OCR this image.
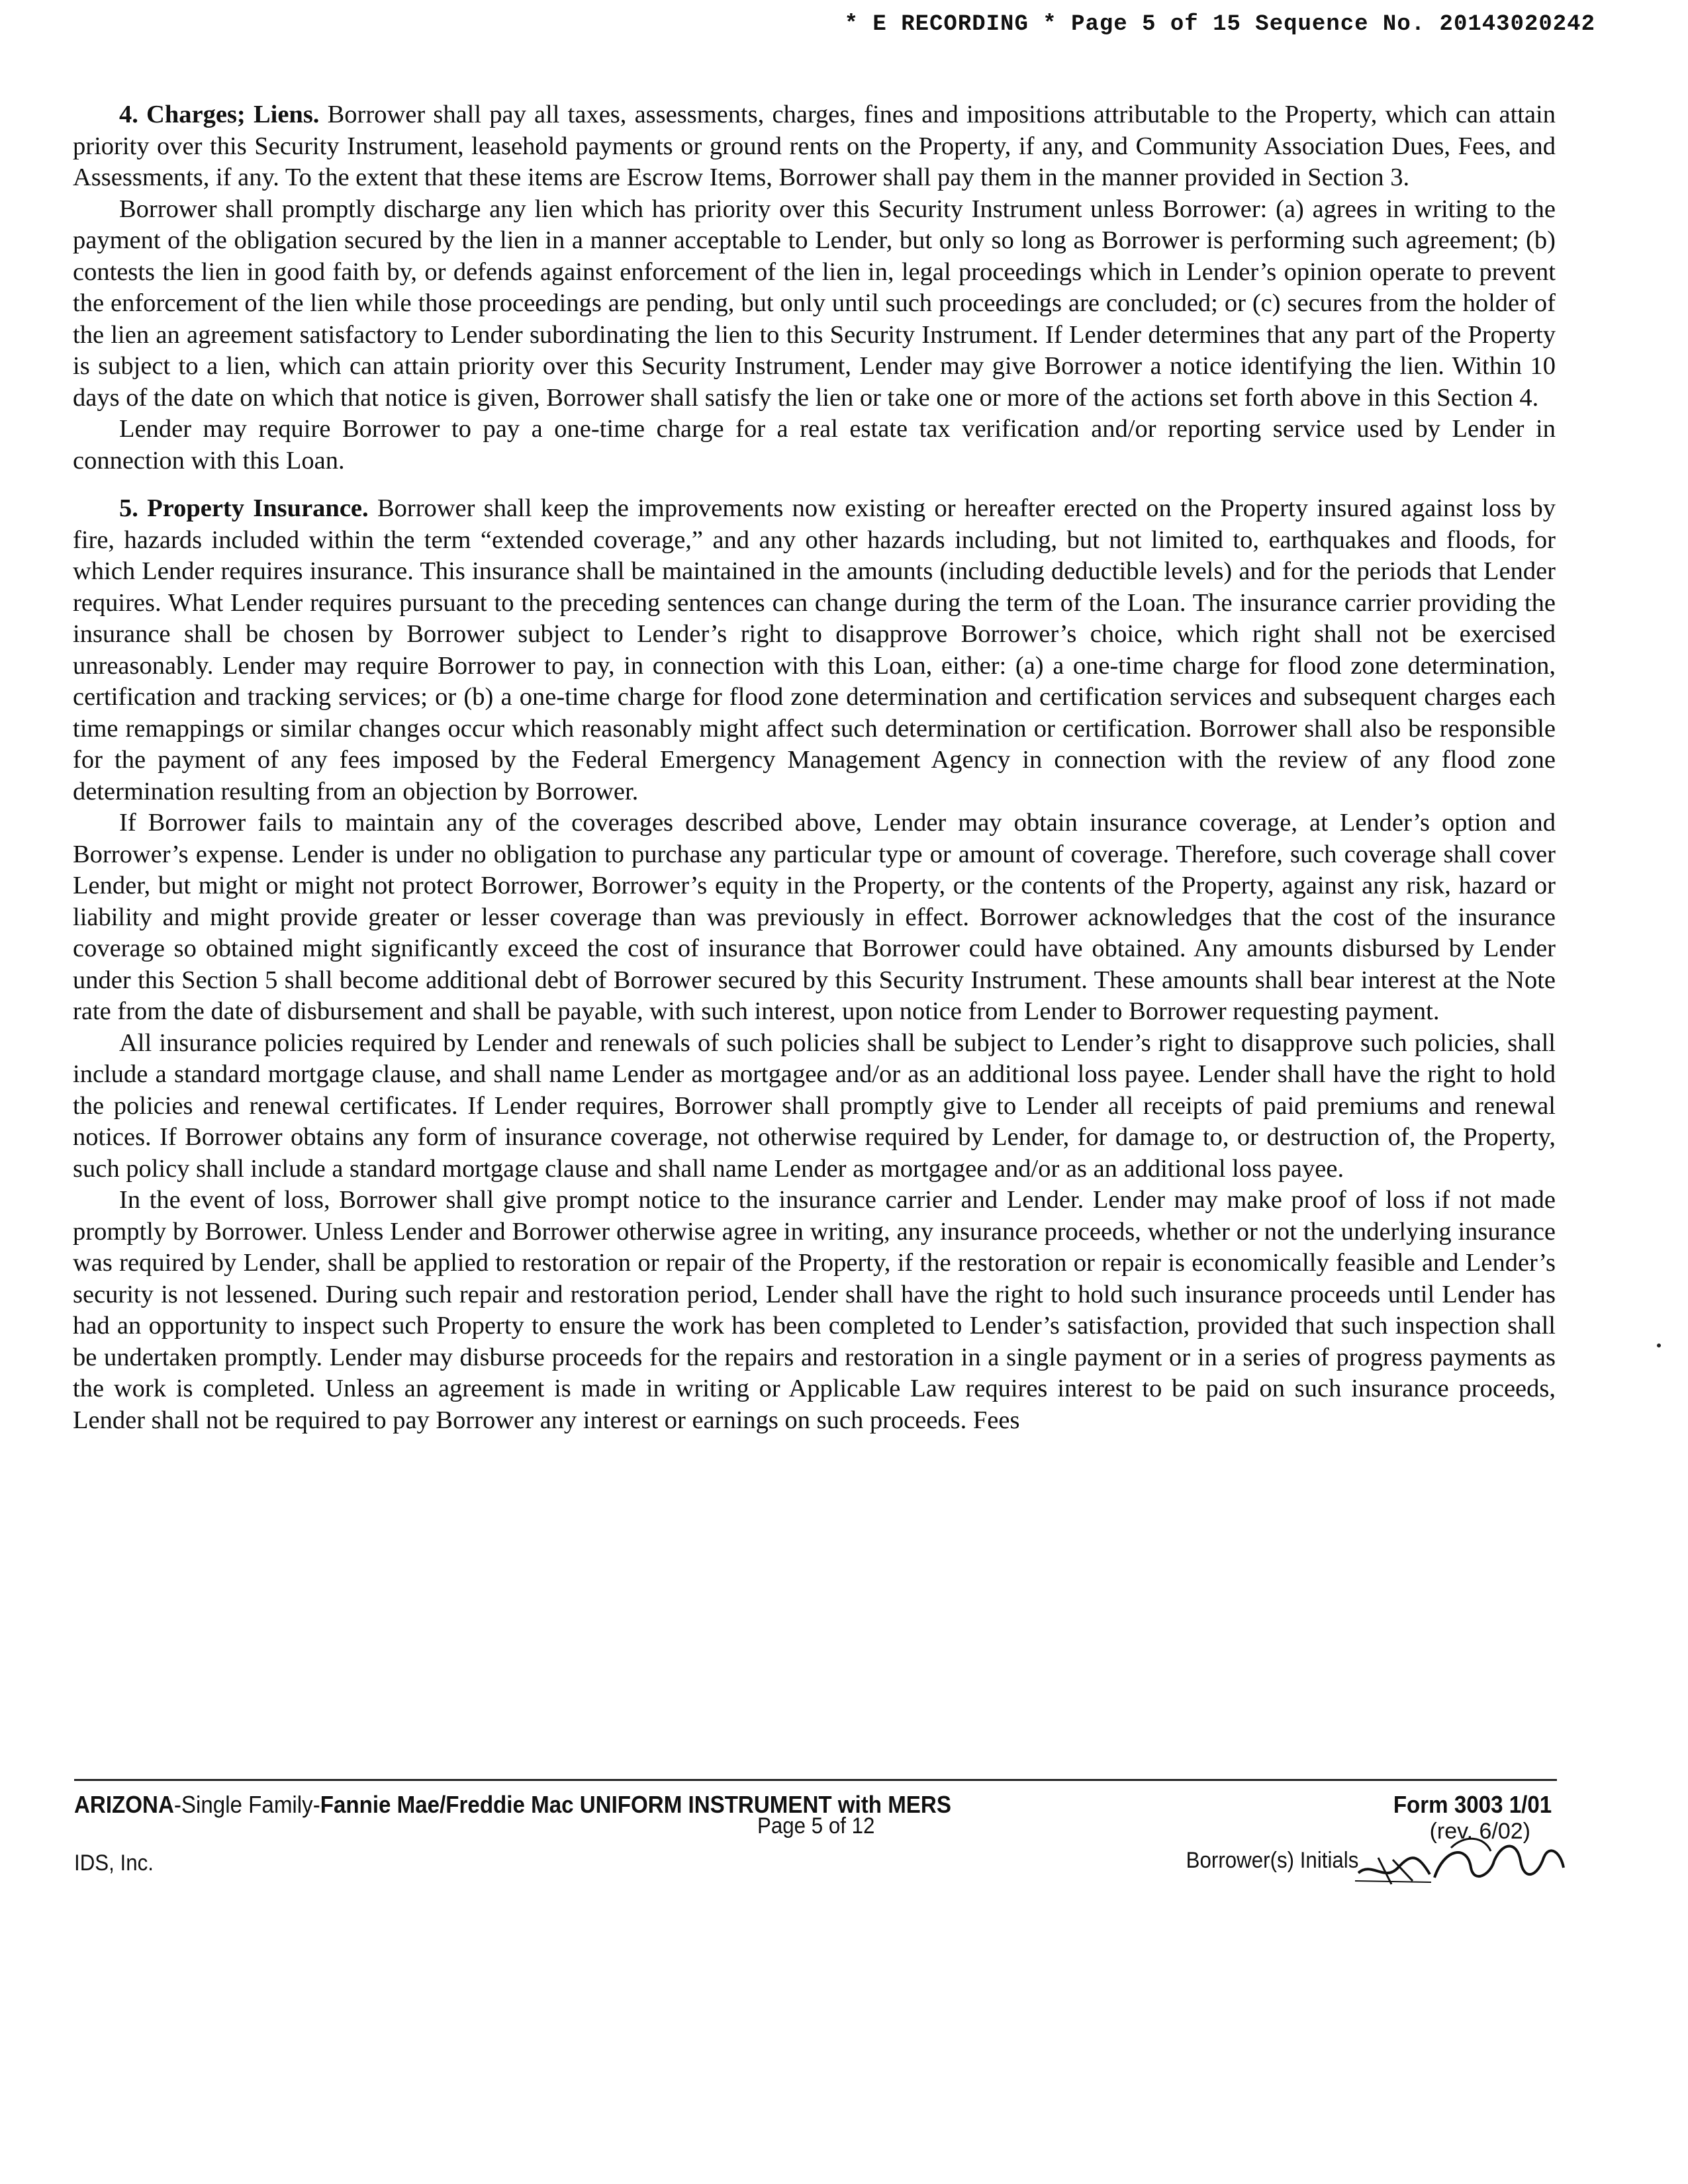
* E RECORDING * Page 5 of 15 Sequence No. 20143020242

4. Charges; Liens. Borrower shall pay all taxes, assessments, charges, fines and impositions attributable to the Property, which can attain priority over this Security Instrument, leasehold payments or ground rents on the Property, if any, and Community Association Dues, Fees, and Assessments, if any. To the extent that these items are Escrow Items, Borrower shall pay them in the manner provided in Section 3.

Borrower shall promptly discharge any lien which has priority over this Security Instrument unless Borrower: (a) agrees in writing to the payment of the obligation secured by the lien in a manner acceptable to Lender, but only so long as Borrower is performing such agreement; (b) contests the lien in good faith by, or defends against enforcement of the lien in, legal proceedings which in Lender’s opinion operate to prevent the enforcement of the lien while those proceedings are pending, but only until such proceedings are concluded; or (c) secures from the holder of the lien an agreement satisfactory to Lender subordinating the lien to this Security Instrument. If Lender determines that any part of the Property is subject to a lien, which can attain priority over this Security Instrument, Lender may give Borrower a notice identifying the lien. Within 10 days of the date on which that notice is given, Borrower shall satisfy the lien or take one or more of the actions set forth above in this Section 4.

Lender may require Borrower to pay a one-time charge for a real estate tax verification and/or reporting service used by Lender in connection with this Loan.

5. Property Insurance. Borrower shall keep the improvements now existing or hereafter erected on the Property insured against loss by fire, hazards included within the term “extended coverage,” and any other hazards including, but not limited to, earthquakes and floods, for which Lender requires insurance. This insurance shall be maintained in the amounts (including deductible levels) and for the periods that Lender requires. What Lender requires pursuant to the preceding sentences can change during the term of the Loan. The insurance carrier providing the insurance shall be chosen by Borrower subject to Lender’s right to disapprove Borrower’s choice, which right shall not be exercised unreasonably. Lender may require Borrower to pay, in connection with this Loan, either: (a) a one-time charge for flood zone determination, certification and tracking services; or (b) a one-time charge for flood zone determination and certification services and subsequent charges each time remappings or similar changes occur which reasonably might affect such determination or certification. Borrower shall also be responsible for the payment of any fees imposed by the Federal Emergency Management Agency in connection with the review of any flood zone determination resulting from an objection by Borrower.

If Borrower fails to maintain any of the coverages described above, Lender may obtain insurance coverage, at Lender’s option and Borrower’s expense. Lender is under no obligation to purchase any particular type or amount of coverage. Therefore, such coverage shall cover Lender, but might or might not protect Borrower, Borrower’s equity in the Property, or the contents of the Property, against any risk, hazard or liability and might provide greater or lesser coverage than was previously in effect. Borrower acknowledges that the cost of the insurance coverage so obtained might significantly exceed the cost of insurance that Borrower could have obtained. Any amounts disbursed by Lender under this Section 5 shall become additional debt of Borrower secured by this Security Instrument. These amounts shall bear interest at the Note rate from the date of disbursement and shall be payable, with such interest, upon notice from Lender to Borrower requesting payment.

All insurance policies required by Lender and renewals of such policies shall be subject to Lender’s right to disapprove such policies, shall include a standard mortgage clause, and shall name Lender as mortgagee and/or as an additional loss payee. Lender shall have the right to hold the policies and renewal certificates. If Lender requires, Borrower shall promptly give to Lender all receipts of paid premiums and renewal notices. If Borrower obtains any form of insurance coverage, not otherwise required by Lender, for damage to, or destruction of, the Property, such policy shall include a standard mortgage clause and shall name Lender as mortgagee and/or as an additional loss payee.

In the event of loss, Borrower shall give prompt notice to the insurance carrier and Lender. Lender may make proof of loss if not made promptly by Borrower. Unless Lender and Borrower otherwise agree in writing, any insurance proceeds, whether or not the underlying insurance was required by Lender, shall be applied to restoration or repair of the Property, if the restoration or repair is economically feasible and Lender’s security is not lessened. During such repair and restoration period, Lender shall have the right to hold such insurance proceeds until Lender has had an opportunity to inspect such Property to ensure the work has been completed to Lender’s satisfaction, provided that such inspection shall be undertaken promptly. Lender may disburse proceeds for the repairs and restoration in a single payment or in a series of progress payments as the work is completed. Unless an agreement is made in writing or Applicable Law requires interest to be paid on such insurance proceeds, Lender shall not be required to pay Borrower any interest or earnings on such proceeds. Fees

ARIZONA-Single Family-Fannie Mae/Freddie Mac UNIFORM INSTRUMENT with MERS
Page 5 of 12
Form 3003 1/01
(rev. 6/02)
IDS, Inc.	Borrower(s) Initials
